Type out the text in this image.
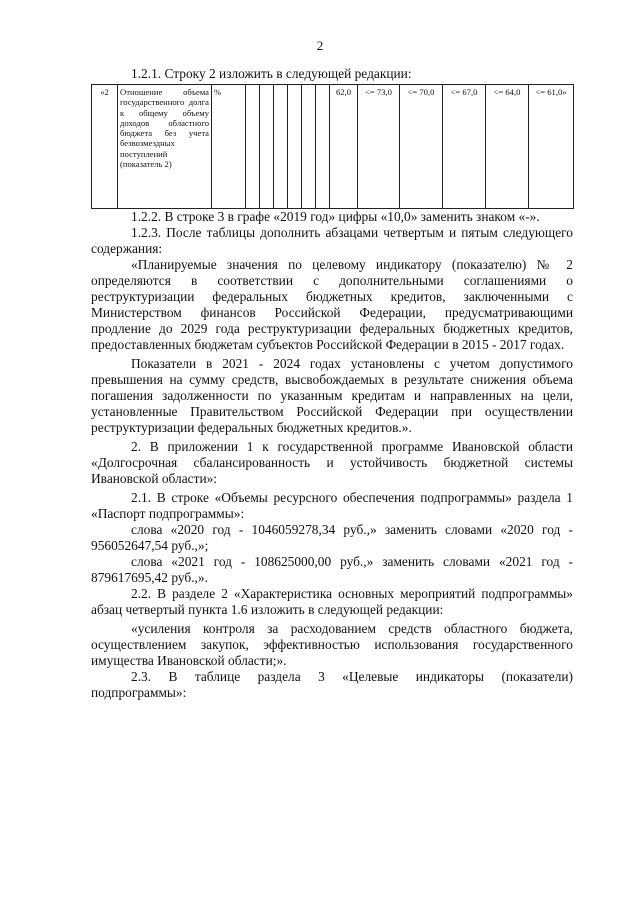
2

1.2.1. Строку 2 изложить в следующей редакции:

«2	Отношение объема государственного долга к общему объему доходов областного бюджета без учета безвозмездных поступлений (показатель 2)	%							62,0	<= 73,0	<= 70,0	<= 67,0	<= 64,0	<= 61,0»

1.2.2. В строке 3 в графе «2019 год» цифры «10,0» заменить знаком «-».

1.2.3. После таблицы дополнить абзацами четвертым и пятым следующего содержания:

«Планируемые значения по целевому индикатору (показателю) № 2 определяются в соответствии с дополнительными соглашениями о реструктуризации федеральных бюджетных кредитов, заключенными с Министерством финансов Российской Федерации, предусматривающими продление до 2029 года реструктуризации федеральных бюджетных кредитов, предоставленных бюджетам субъектов Российской Федерации в 2015 - 2017 годах.

Показатели в 2021 - 2024 годах установлены с учетом допустимого превышения на сумму средств, высвобождаемых в результате снижения объема погашения задолженности по указанным кредитам и направленных на цели, установленные Правительством Российской Федерации при осуществлении реструктуризации федеральных бюджетных кредитов.».

2. В приложении 1 к государственной программе Ивановской области «Долгосрочная сбалансированность и устойчивость бюджетной системы Ивановской области»:

2.1. В строке «Объемы ресурсного обеспечения подпрограммы» раздела 1 «Паспорт подпрограммы»:

слова «2020 год - 1046059278,34 руб.,» заменить словами «2020 год - 956052647,54 руб.,»;

слова «2021 год - 108625000,00 руб.,» заменить словами «2021 год - 879617695,42 руб.,».

2.2. В разделе 2 «Характеристика основных мероприятий подпрограммы» абзац четвертый пункта 1.6 изложить в следующей редакции:

«усиления контроля за расходованием средств областного бюджета, осуществлением закупок, эффективностью использования государственного имущества Ивановской области;».

2.3. В таблице раздела 3 «Целевые индикаторы (показатели) подпрограммы»:
